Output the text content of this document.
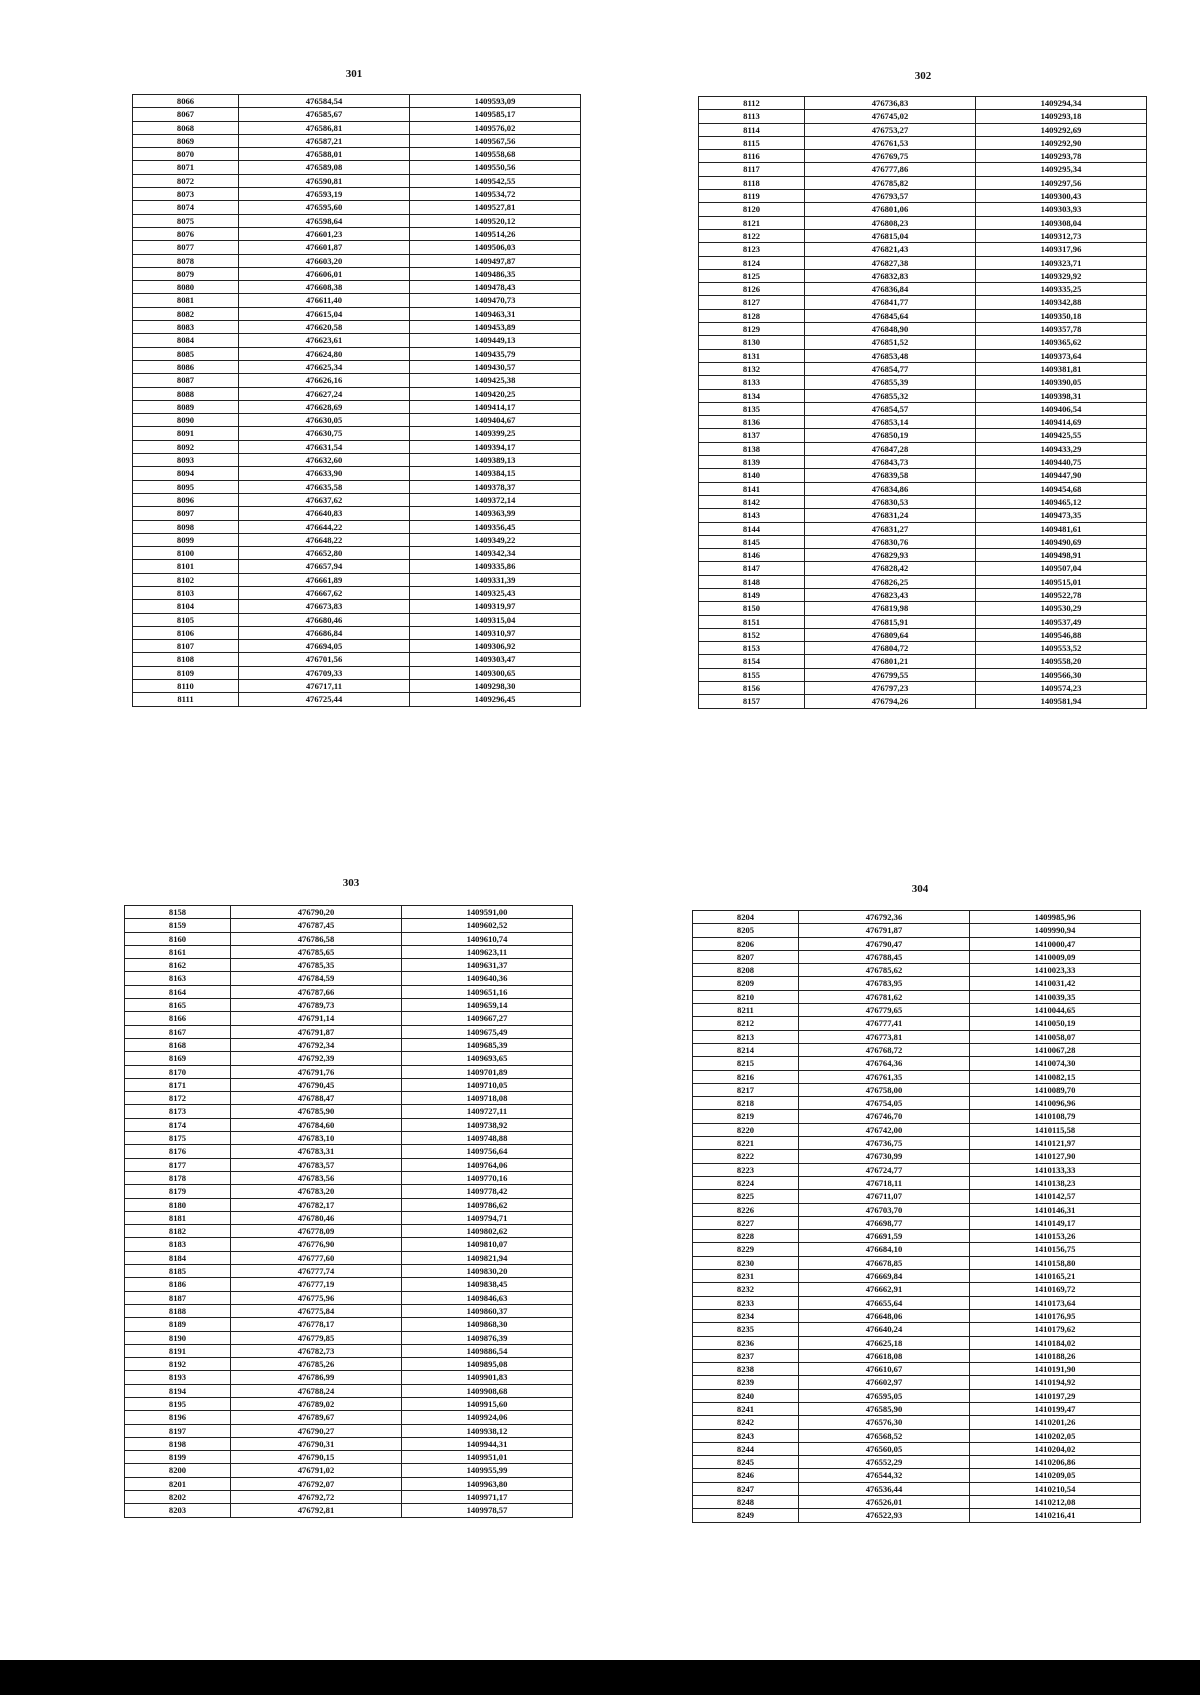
301
8066	476584,54	1409593,09
8067	476585,67	1409585,17
8068	476586,81	1409576,02
8069	476587,21	1409567,56
8070	476588,01	1409558,68
8071	476589,08	1409550,56
8072	476590,81	1409542,55
8073	476593,19	1409534,72
8074	476595,60	1409527,81
8075	476598,64	1409520,12
8076	476601,23	1409514,26
8077	476601,87	1409506,03
8078	476603,20	1409497,87
8079	476606,01	1409486,35
8080	476608,38	1409478,43
8081	476611,40	1409470,73
8082	476615,04	1409463,31
8083	476620,58	1409453,89
8084	476623,61	1409449,13
8085	476624,80	1409435,79
8086	476625,34	1409430,57
8087	476626,16	1409425,38
8088	476627,24	1409420,25
8089	476628,69	1409414,17
8090	476630,05	1409404,67
8091	476630,75	1409399,25
8092	476631,54	1409394,17
8093	476632,60	1409389,13
8094	476633,90	1409384,15
8095	476635,58	1409378,37
8096	476637,62	1409372,14
8097	476640,83	1409363,99
8098	476644,22	1409356,45
8099	476648,22	1409349,22
8100	476652,80	1409342,34
8101	476657,94	1409335,86
8102	476661,89	1409331,39
8103	476667,62	1409325,43
8104	476673,83	1409319,97
8105	476680,46	1409315,04
8106	476686,84	1409310,97
8107	476694,05	1409306,92
8108	476701,56	1409303,47
8109	476709,33	1409300,65
8110	476717,11	1409298,30
8111	476725,44	1409296,45
302
8112	476736,83	1409294,34
8113	476745,02	1409293,18
8114	476753,27	1409292,69
8115	476761,53	1409292,90
8116	476769,75	1409293,78
8117	476777,86	1409295,34
8118	476785,82	1409297,56
8119	476793,57	1409300,43
8120	476801,06	1409303,93
8121	476808,23	1409308,04
8122	476815,04	1409312,73
8123	476821,43	1409317,96
8124	476827,38	1409323,71
8125	476832,83	1409329,92
8126	476836,84	1409335,25
8127	476841,77	1409342,88
8128	476845,64	1409350,18
8129	476848,90	1409357,78
8130	476851,52	1409365,62
8131	476853,48	1409373,64
8132	476854,77	1409381,81
8133	476855,39	1409390,05
8134	476855,32	1409398,31
8135	476854,57	1409406,54
8136	476853,14	1409414,69
8137	476850,19	1409425,55
8138	476847,28	1409433,29
8139	476843,73	1409440,75
8140	476839,58	1409447,90
8141	476834,86	1409454,68
8142	476830,53	1409465,12
8143	476831,24	1409473,35
8144	476831,27	1409481,61
8145	476830,76	1409490,69
8146	476829,93	1409498,91
8147	476828,42	1409507,04
8148	476826,25	1409515,01
8149	476823,43	1409522,78
8150	476819,98	1409530,29
8151	476815,91	1409537,49
8152	476809,64	1409546,88
8153	476804,72	1409553,52
8154	476801,21	1409558,20
8155	476799,55	1409566,30
8156	476797,23	1409574,23
8157	476794,26	1409581,94
303
8158	476790,20	1409591,00
8159	476787,45	1409602,52
8160	476786,58	1409610,74
8161	476785,65	1409623,11
8162	476785,35	1409631,37
8163	476784,59	1409640,36
8164	476787,66	1409651,16
8165	476789,73	1409659,14
8166	476791,14	1409667,27
8167	476791,87	1409675,49
8168	476792,34	1409685,39
8169	476792,39	1409693,65
8170	476791,76	1409701,89
8171	476790,45	1409710,05
8172	476788,47	1409718,08
8173	476785,90	1409727,11
8174	476784,60	1409738,92
8175	476783,10	1409748,88
8176	476783,31	1409756,64
8177	476783,57	1409764,06
8178	476783,56	1409770,16
8179	476783,20	1409778,42
8180	476782,17	1409786,62
8181	476780,46	1409794,71
8182	476778,09	1409802,62
8183	476776,90	1409810,07
8184	476777,60	1409821,94
8185	476777,74	1409830,20
8186	476777,19	1409838,45
8187	476775,96	1409846,63
8188	476775,84	1409860,37
8189	476778,17	1409868,30
8190	476779,85	1409876,39
8191	476782,73	1409886,54
8192	476785,26	1409895,08
8193	476786,99	1409901,83
8194	476788,24	1409908,68
8195	476789,02	1409915,60
8196	476789,67	1409924,06
8197	476790,27	1409938,12
8198	476790,31	1409944,31
8199	476790,15	1409951,01
8200	476791,02	1409955,99
8201	476792,07	1409963,80
8202	476792,72	1409971,17
8203	476792,81	1409978,57
304
8204	476792,36	1409985,96
8205	476791,87	1409990,94
8206	476790,47	1410000,47
8207	476788,45	1410009,09
8208	476785,62	1410023,33
8209	476783,95	1410031,42
8210	476781,62	1410039,35
8211	476779,65	1410044,65
8212	476777,41	1410050,19
8213	476773,81	1410058,07
8214	476768,72	1410067,28
8215	476764,36	1410074,30
8216	476761,35	1410082,15
8217	476758,00	1410089,70
8218	476754,05	1410096,96
8219	476746,70	1410108,79
8220	476742,00	1410115,58
8221	476736,75	1410121,97
8222	476730,99	1410127,90
8223	476724,77	1410133,33
8224	476718,11	1410138,23
8225	476711,07	1410142,57
8226	476703,70	1410146,31
8227	476698,77	1410149,17
8228	476691,59	1410153,26
8229	476684,10	1410156,75
8230	476678,85	1410158,80
8231	476669,84	1410165,21
8232	476662,91	1410169,72
8233	476655,64	1410173,64
8234	476648,06	1410176,95
8235	476640,24	1410179,62
8236	476625,18	1410184,02
8237	476618,08	1410188,26
8238	476610,67	1410191,90
8239	476602,97	1410194,92
8240	476595,05	1410197,29
8241	476585,90	1410199,47
8242	476576,30	1410201,26
8243	476568,52	1410202,05
8244	476560,05	1410204,02
8245	476552,29	1410206,86
8246	476544,32	1410209,05
8247	476536,44	1410210,54
8248	476526,01	1410212,08
8249	476522,93	1410216,41
